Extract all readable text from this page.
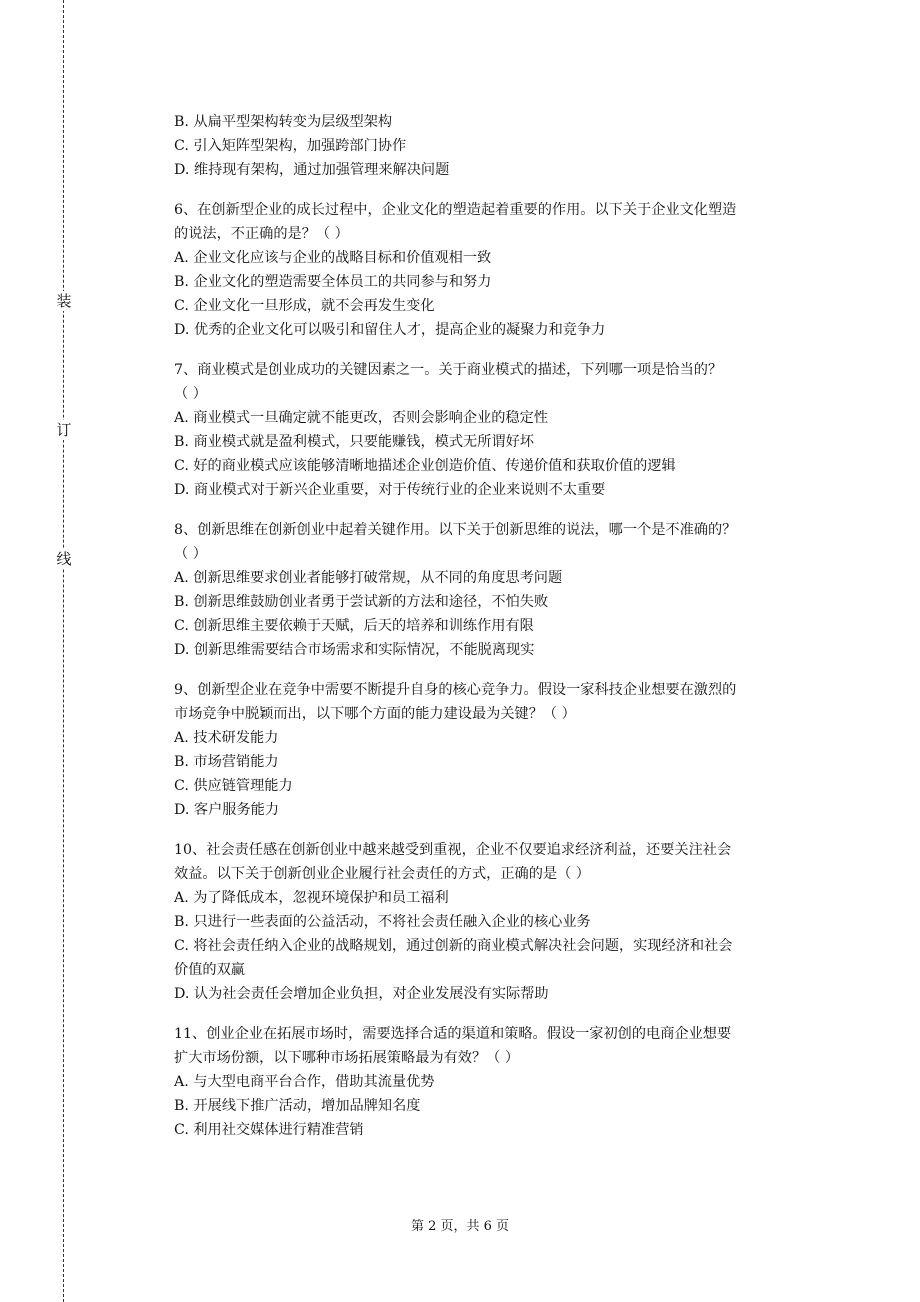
装
订
线
B. 从扁平型架构转变为层级型架构
C. 引入矩阵型架构，加强跨部门协作
D. 维持现有架构，通过加强管理来解决问题
6、在创新型企业的成长过程中，企业文化的塑造起着重要的作用。以下关于企业文化塑造
的说法，不正确的是？（ ）
A. 企业文化应该与企业的战略目标和价值观相一致
B. 企业文化的塑造需要全体员工的共同参与和努力
C. 企业文化一旦形成，就不会再发生变化
D. 优秀的企业文化可以吸引和留住人才，提高企业的凝聚力和竞争力
7、商业模式是创业成功的关键因素之一。关于商业模式的描述，下列哪一项是恰当的？
（ ）
A. 商业模式一旦确定就不能更改，否则会影响企业的稳定性
B. 商业模式就是盈利模式，只要能赚钱，模式无所谓好坏
C. 好的商业模式应该能够清晰地描述企业创造价值、传递价值和获取价值的逻辑
D. 商业模式对于新兴企业重要，对于传统行业的企业来说则不太重要
8、创新思维在创新创业中起着关键作用。以下关于创新思维的说法，哪一个是不准确的？
（ ）
A. 创新思维要求创业者能够打破常规，从不同的角度思考问题
B. 创新思维鼓励创业者勇于尝试新的方法和途径，不怕失败
C. 创新思维主要依赖于天赋，后天的培养和训练作用有限
D. 创新思维需要结合市场需求和实际情况，不能脱离现实
9、创新型企业在竞争中需要不断提升自身的核心竞争力。假设一家科技企业想要在激烈的
市场竞争中脱颖而出，以下哪个方面的能力建设最为关键？（ ）
A. 技术研发能力
B. 市场营销能力
C. 供应链管理能力
D. 客户服务能力
10、社会责任感在创新创业中越来越受到重视，企业不仅要追求经济利益，还要关注社会
效益。以下关于创新创业企业履行社会责任的方式，正确的是（ ）
A. 为了降低成本，忽视环境保护和员工福利
B. 只进行一些表面的公益活动，不将社会责任融入企业的核心业务
C. 将社会责任纳入企业的战略规划，通过创新的商业模式解决社会问题，实现经济和社会
价值的双赢
D. 认为社会责任会增加企业负担，对企业发展没有实际帮助
11、创业企业在拓展市场时，需要选择合适的渠道和策略。假设一家初创的电商企业想要
扩大市场份额，以下哪种市场拓展策略最为有效？（ ）
A. 与大型电商平台合作，借助其流量优势
B. 开展线下推广活动，增加品牌知名度
C. 利用社交媒体进行精准营销
第 2 页，共 6 页
